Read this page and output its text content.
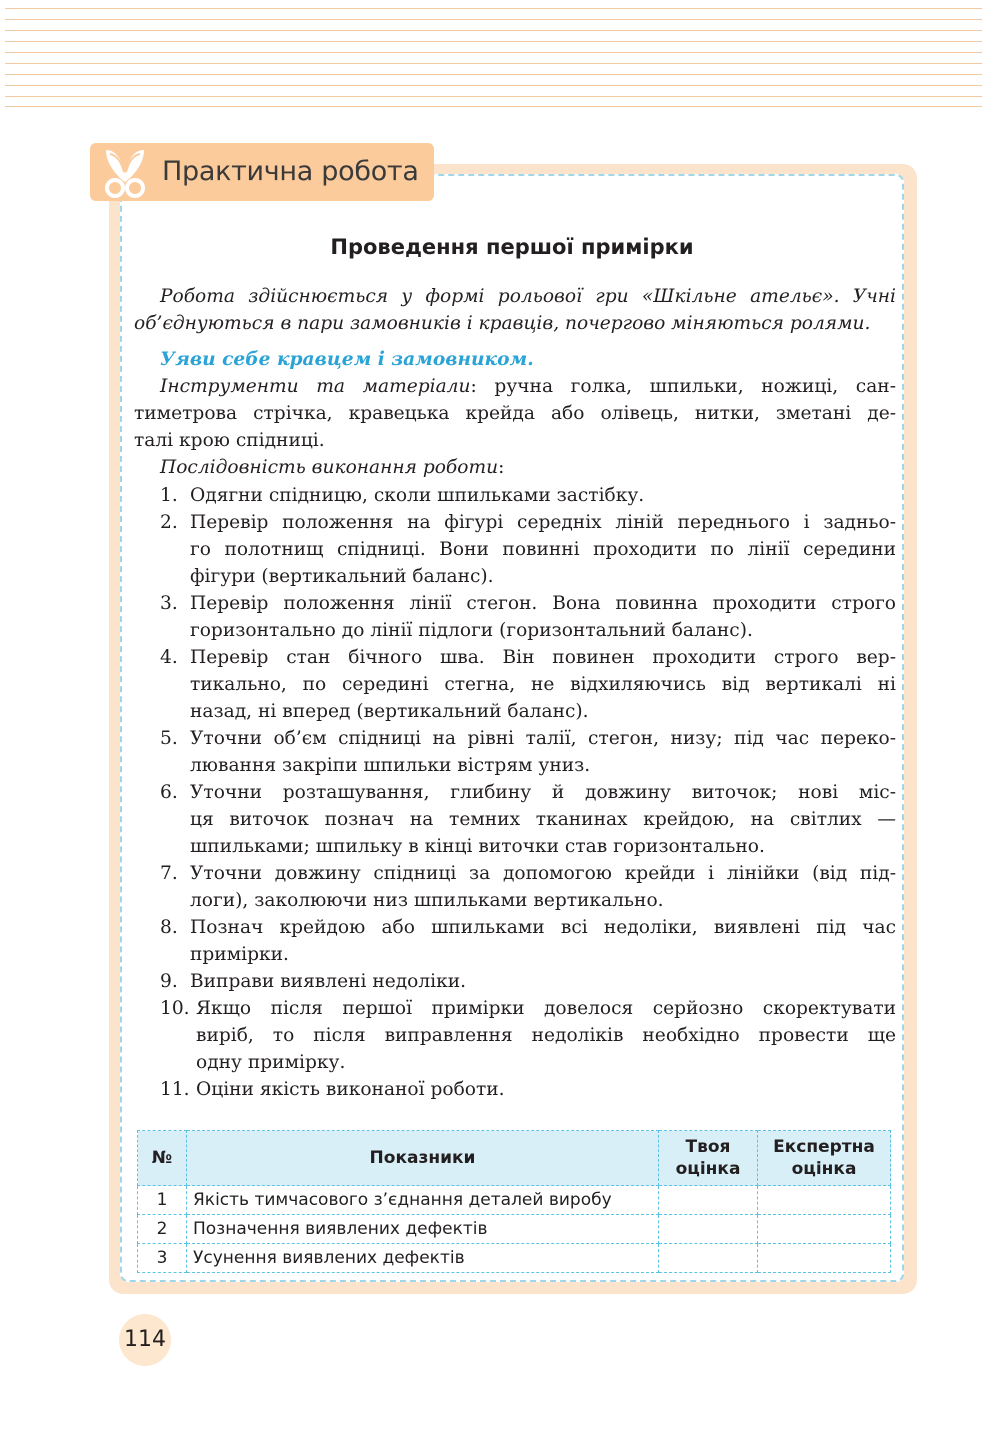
Практична робота
Проведення першої примірки
Робота здійснюється у формі рольової гри «Шкільне ательє». Учні
об’єднуються в пари замовників і кравців, почергово міняються ролями.
Уяви себе кравцем і замовником.
Інструменти та матеріали: ручна голка, шпильки, ножиці, сан-
тиметрова стрічка, кравецька крейда або олівець, нитки, зметані де-
талі крою спідниці.
Послідовність виконання роботи:
1. Одягни спідницю, сколи шпильками застібку.
2. Перевір положення на фігурі середніх ліній переднього і задньо-
го полотнищ спідниці. Вони повинні проходити по лінії середини
фігури (вертикальний баланс).
3. Перевір положення лінії стегон. Вона повинна проходити строго
горизонтально до лінії підлоги (горизонтальний баланс).
4. Перевір стан бічного шва. Він повинен проходити строго вер-
тикально, по середині стегна, не відхиляючись від вертикалі ні
назад, ні вперед (вертикальний баланс).
5. Уточни об’єм спідниці на рівні талії, стегон, низу; під час переко-
лювання закріпи шпильки вістрям униз.
6. Уточни розташування, глибину й довжину виточок; нові міс-
ця виточок познач на темних тканинах крейдою, на світлих —
шпильками; шпильку в кінці виточки став горизонтально.
7. Уточни довжину спідниці за допомогою крейди і лінійки (від під-
логи), заколюючи низ шпильками вертикально.
8. Познач крейдою або шпильками всі недоліки, виявлені під час
примірки.
9. Виправи виявлені недоліки.
10. Якщо після першої примірки довелося серйозно скоректувати
виріб, то після виправлення недоліків необхідно провести ще
одну примірку.
11. Оціни якість виконаної роботи.
№	Показники	Твоя оцінка	Експертна оцінка
1	Якість тимчасового з’єднання деталей виробу		
2	Позначення виявлених дефектів		
3	Усунення виявлених дефектів		
114
